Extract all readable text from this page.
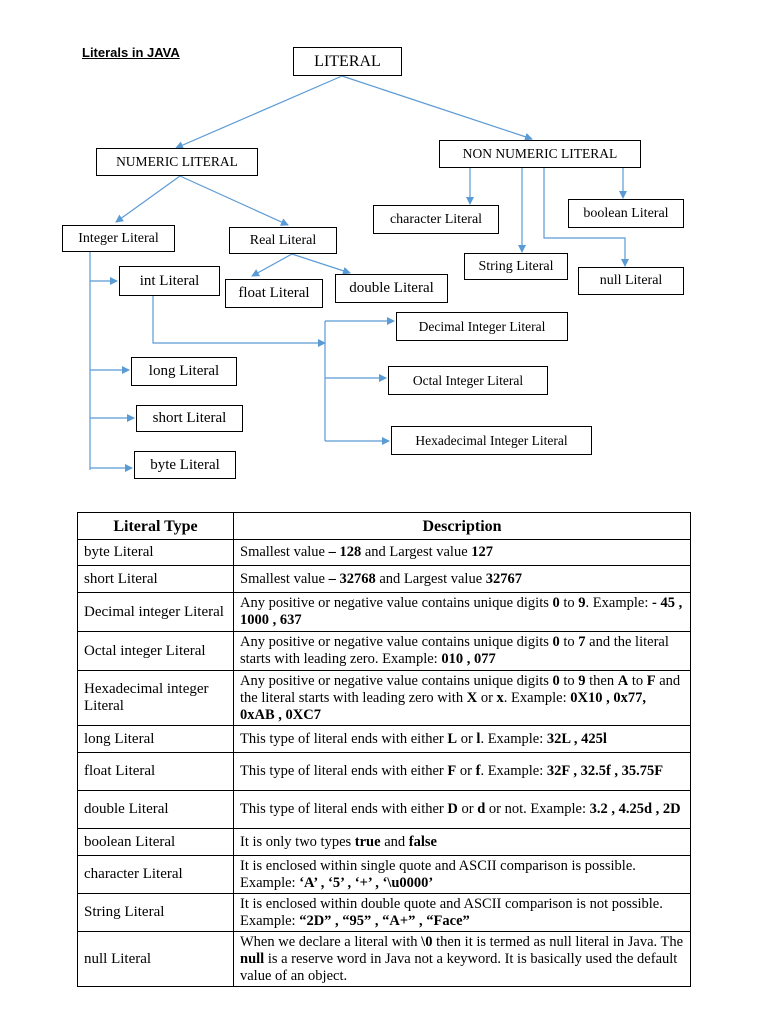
Literals in JAVA	LITERAL
NUMERIC LITERAL
NON NUMERIC LITERAL
Integer Literal	Real Literal
int Literal
float Literal	double Literal
character Literal	boolean Literal
String Literal
null Literal
Decimal Integer Literal
Octal Integer Literal
Hexadecimal Integer Literal
long Literal
short Literal
byte Literal
Literal Type	Description
byte Literal	Smallest value – 128 and Largest value 127
short Literal	Smallest value – 32768 and Largest value 32767
Decimal integer Literal	Any positive or negative value contains unique digits 0 to 9. Example: - 45 , 1000 , 637
Octal integer Literal	Any positive or negative value contains unique digits 0 to 7 and the literal starts with leading zero. Example: 010 , 077
Hexadecimal integer Literal	Any positive or negative value contains unique digits 0 to 9 then A to F and the literal starts with leading zero with X or x. Example: 0X10 , 0x77, 0xAB , 0XC7
long Literal	This type of literal ends with either L or l. Example: 32L , 425l
float Literal	This type of literal ends with either F or f. Example: 32F , 32.5f , 35.75F
double Literal	This type of literal ends with either D or d or not. Example: 3.2 , 4.25d , 2D
boolean Literal	It is only two types true and false
character Literal	It is enclosed within single quote and ASCII comparison is possible. Example: ‘A’ , ‘5’ , ‘+’ , ‘\u0000’
String Literal	It is enclosed within double quote and ASCII comparison is not possible. Example: “2D” , “95” , “A+” , “Face”
null Literal	When we declare a literal with \0 then it is termed as null literal in Java. The null is a reserve word in Java not a keyword. It is basically used the default value of an object.
